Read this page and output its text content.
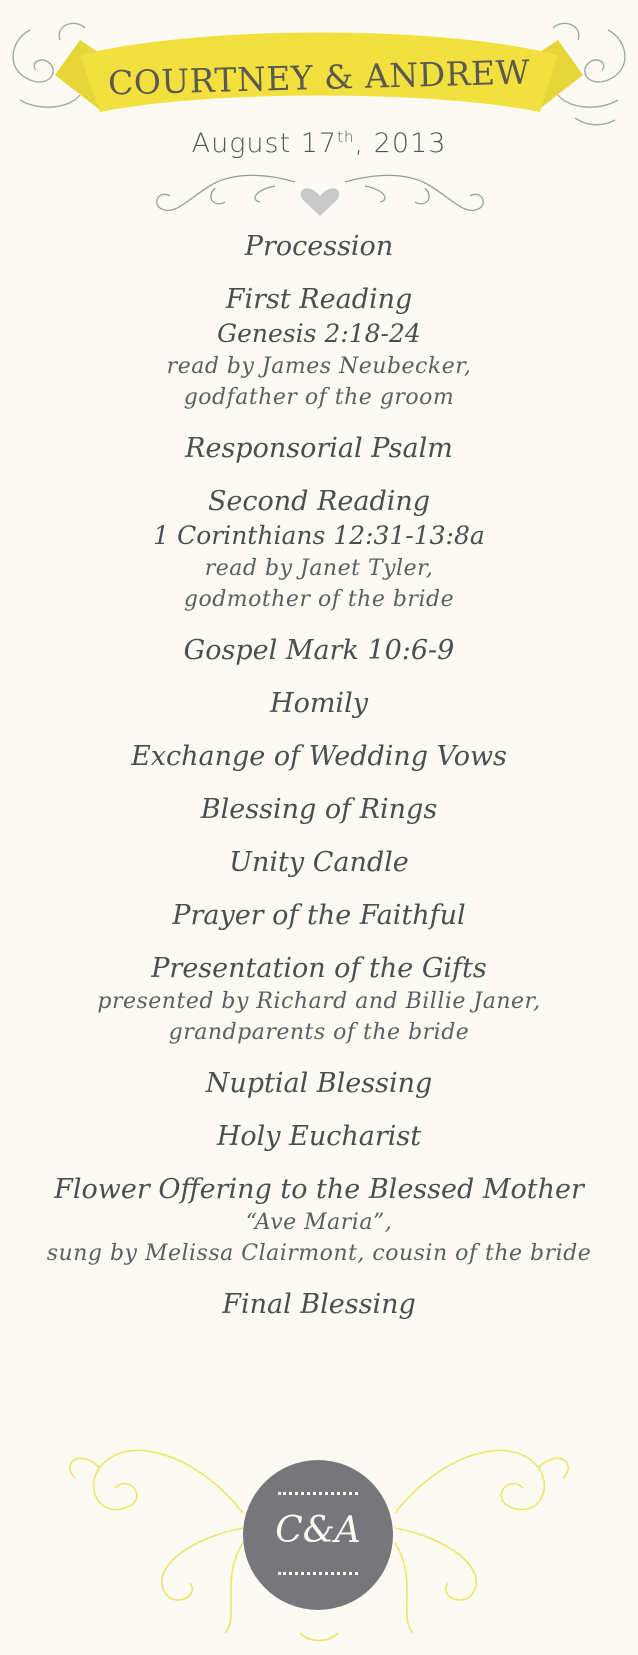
COURTNEY & ANDREW
August 17th, 2013
Procession
First Reading
Genesis 2:18-24
read by James Neubecker,
godfather of the groom
Responsorial Psalm
Second Reading
1 Corinthians 12:31-13:8a
read by Janet Tyler,
godmother of the bride
Gospel Mark 10:6-9
Homily
Exchange of Wedding Vows
Blessing of Rings
Unity Candle
Prayer of the Faithful
Presentation of the Gifts
presented by Richard and Billie Janer,
grandparents of the bride
Nuptial Blessing
Holy Eucharist
Flower Offering to the Blessed Mother
“Ave Maria”,
sung by Melissa Clairmont, cousin of the bride
Final Blessing
C&A
